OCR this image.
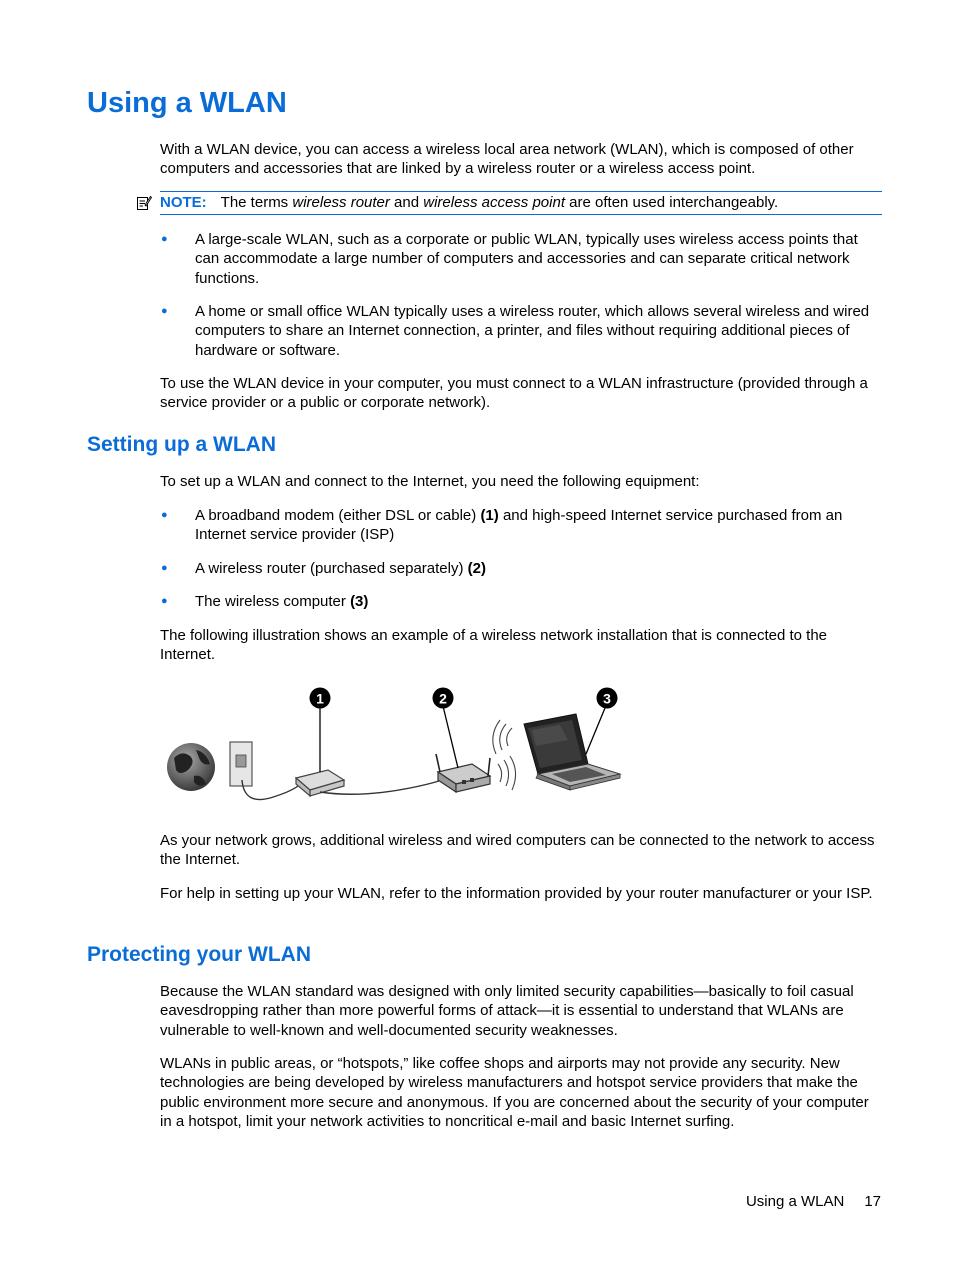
Using a WLAN

With a WLAN device, you can access a wireless local area network (WLAN), which is composed of other computers and accessories that are linked by a wireless router or a wireless access point.

NOTE: The terms wireless router and wireless access point are often used interchangeably.
● A large-scale WLAN, such as a corporate or public WLAN, typically uses wireless access points that can accommodate a large number of computers and accessories and can separate critical network functions.
● A home or small office WLAN typically uses a wireless router, which allows several wireless and wired computers to share an Internet connection, a printer, and files without requiring additional pieces of hardware or software.

To use the WLAN device in your computer, you must connect to a WLAN infrastructure (provided through a service provider or a public or corporate network).

Setting up a WLAN

To set up a WLAN and connect to the Internet, you need the following equipment:

● A broadband modem (either DSL or cable) (1) and high-speed Internet service purchased from an Internet service provider (ISP)
● A wireless router (purchased separately) (2)
● The wireless computer (3)

The following illustration shows an example of a wireless network installation that is connected to the Internet.

1	2	3

As your network grows, additional wireless and wired computers can be connected to the network to access the Internet.

For help in setting up your WLAN, refer to the information provided by your router manufacturer or your ISP.

Protecting your WLAN

Because the WLAN standard was designed with only limited security capabilities—basically to foil casual eavesdropping rather than more powerful forms of attack—it is essential to understand that WLANs are vulnerable to well-known and well-documented security weaknesses.

WLANs in public areas, or “hotspots,” like coffee shops and airports may not provide any security. New technologies are being developed by wireless manufacturers and hotspot service providers that make the public environment more secure and anonymous. If you are concerned about the security of your computer in a hotspot, limit your network activities to noncritical e-mail and basic Internet surfing.

Using a WLAN 17
